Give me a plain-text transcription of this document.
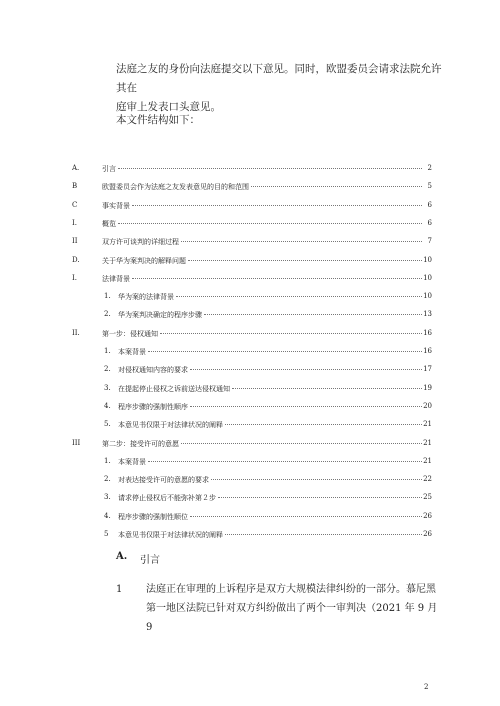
法庭之友的身份向法庭提交以下意见。同时，欧盟委员会请求法院允许其在

庭审上发表口头意见。

本文件结构如下：
A.	引言	2
B	欧盟委员会作为法庭之友发表意见的目的和范围	5
C	事实背景	6
I.	概览	6
II	双方许可谈判的详细过程	7
D.	关于华为案判决的解释问题	10
I.	法律背景	10
1. 华为案的法律背景	10
2. 华为案判决确定的程序步骤	13
II.	第一步：侵权通知	16
1. 本案背景	16
2. 对侵权通知内容的要求	17
3. 在提起停止侵权之诉前送达侵权通知	19
4. 程序步骤的强制性顺序	20
5. 本意见书仅限于对法律状况的阐释	21
III	第二步：接受许可的意愿	21
1. 本案背景	21
2. 对表达接受许可的意愿的要求	22
3. 请求停止侵权后不能弥补第２步	25
4. 程序步骤的强制性顺位	26
5 本意见书仅限于对法律状况的阐释	26
A. 引言
1 法庭正在审理的上诉程序是双方大规模法律纠纷的一部分。慕尼黑
第一地区法院已针对双方纠纷做出了两个一审判决（2021 年 9 月 9
2
